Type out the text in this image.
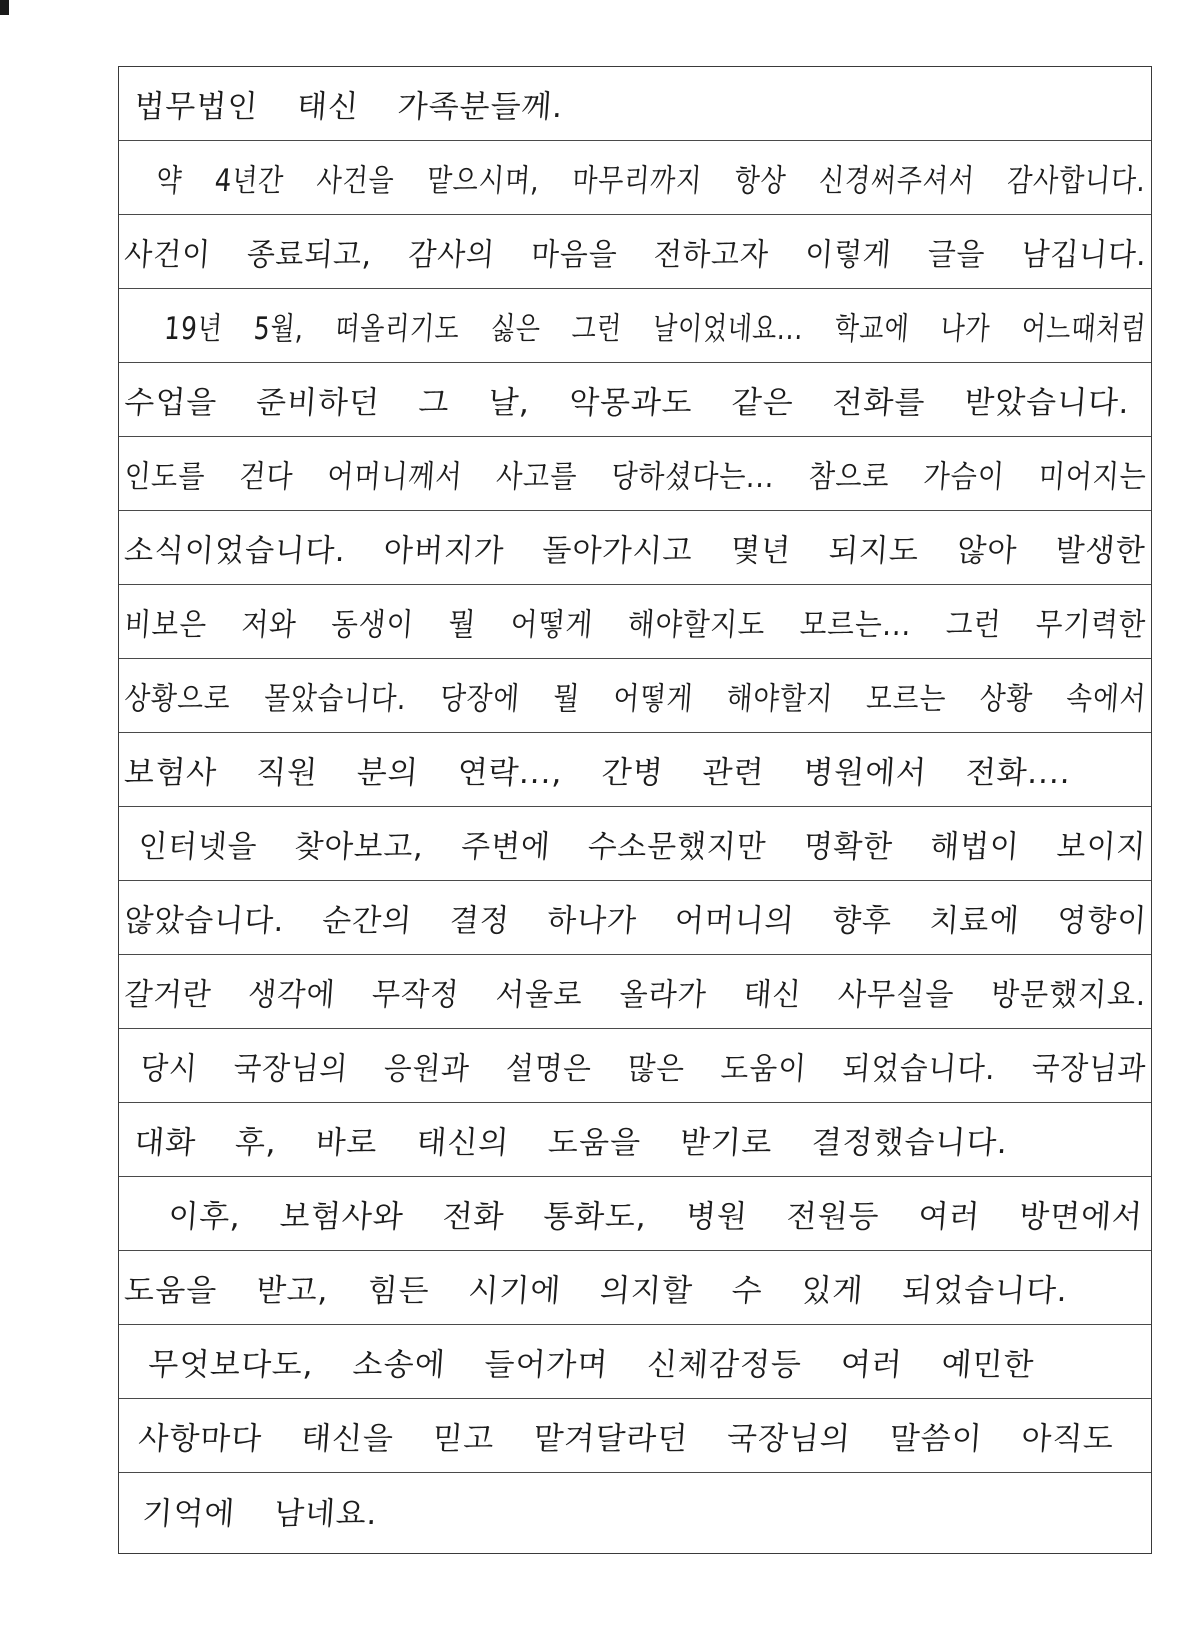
법무법인 태신 가족분들께.
약 4년간 사건을 맡으시며, 마무리까지 항상 신경써주셔서 감사합니다.
사건이 종료되고, 감사의 마음을 전하고자 이렇게 글을 남깁니다.
19년 5월, 떠올리기도 싫은 그런 날이었네요... 학교에 나가 어느때처럼
수업을 준비하던 그 날, 악몽과도 같은 전화를 받았습니다.
인도를 걷다 어머니께서 사고를 당하셨다는... 참으로 가슴이 미어지는
소식이었습니다. 아버지가 돌아가시고 몇년 되지도 않아 발생한
비보은 저와 동생이 뭘 어떻게 해야할지도 모르는... 그런 무기력한
상황으로 몰았습니다. 당장에 뭘 어떻게 해야할지 모르는 상황 속에서
보험사 직원 분의 연락..., 간병 관련 병원에서 전화....
인터넷을 찾아보고, 주변에 수소문했지만 명확한 해법이 보이지
않았습니다. 순간의 결정 하나가 어머니의 향후 치료에 영향이
갈거란 생각에 무작정 서울로 올라가 태신 사무실을 방문했지요.
당시 국장님의 응원과 설명은 많은 도움이 되었습니다. 국장님과
대화 후, 바로 태신의 도움을 받기로 결정했습니다.
이후, 보험사와 전화 통화도, 병원 전원등 여러 방면에서
도움을 받고, 힘든 시기에 의지할 수 있게 되었습니다.
무엇보다도, 소송에 들어가며 신체감정등 여러 예민한
사항마다 태신을 믿고 맡겨달라던 국장님의 말씀이 아직도
기억에 남네요.
